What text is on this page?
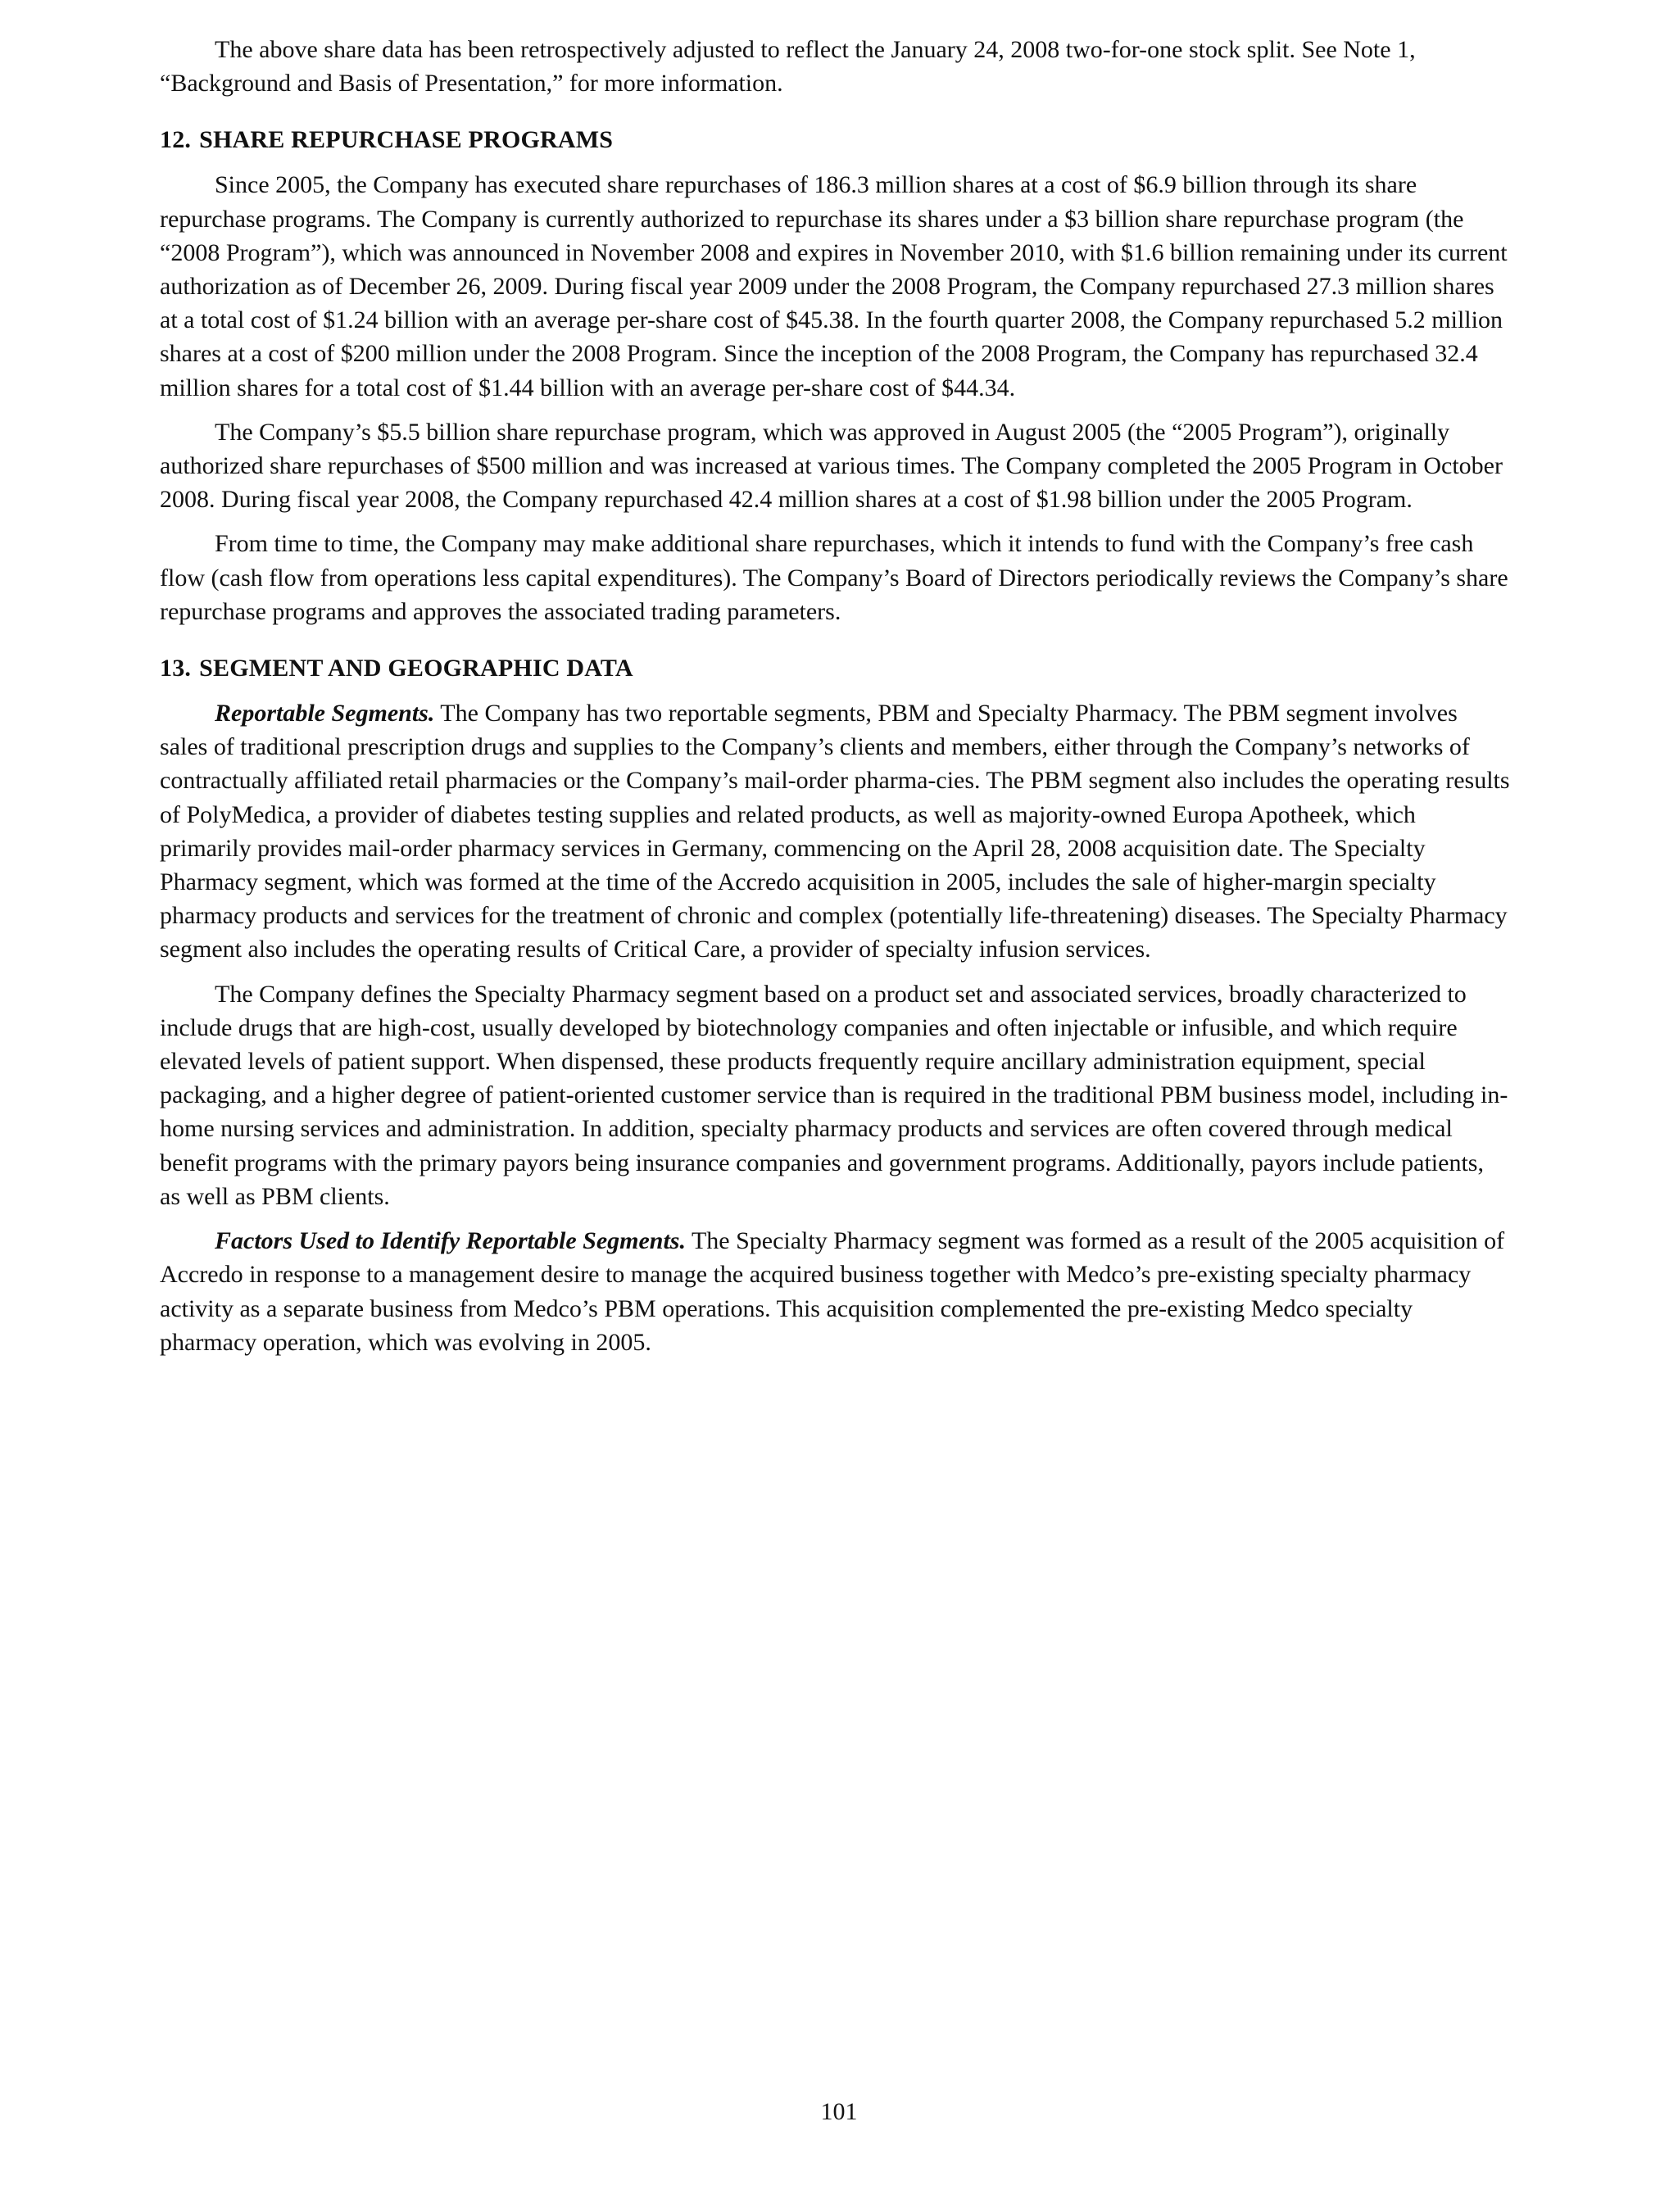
The above share data has been retrospectively adjusted to reflect the January 24, 2008 two-for-one stock split. See Note 1, “Background and Basis of Presentation,” for more information.

12. SHARE REPURCHASE PROGRAMS

Since 2005, the Company has executed share repurchases of 186.3 million shares at a cost of $6.9 billion through its share repurchase programs. The Company is currently authorized to repurchase its shares under a $3 billion share repurchase program (the “2008 Program”), which was announced in November 2008 and expires in November 2010, with $1.6 billion remaining under its current authorization as of December 26, 2009. During fiscal year 2009 under the 2008 Program, the Company repurchased 27.3 million shares at a total cost of $1.24 billion with an average per-share cost of $45.38. In the fourth quarter 2008, the Company repurchased 5.2 million shares at a cost of $200 million under the 2008 Program. Since the inception of the 2008 Program, the Company has repurchased 32.4 million shares for a total cost of $1.44 billion with an average per-share cost of $44.34.

The Company’s $5.5 billion share repurchase program, which was approved in August 2005 (the “2005 Program”), originally authorized share repurchases of $500 million and was increased at various times. The Company completed the 2005 Program in October 2008. During fiscal year 2008, the Company repurchased 42.4 million shares at a cost of $1.98 billion under the 2005 Program.

From time to time, the Company may make additional share repurchases, which it intends to fund with the Company’s free cash flow (cash flow from operations less capital expenditures). The Company’s Board of Directors periodically reviews the Company’s share repurchase programs and approves the associated trading parameters.

13. SEGMENT AND GEOGRAPHIC DATA

Reportable Segments. The Company has two reportable segments, PBM and Specialty Pharmacy. The PBM segment involves sales of traditional prescription drugs and supplies to the Company’s clients and members, either through the Company’s networks of contractually affiliated retail pharmacies or the Company’s mail-order pharma-cies. The PBM segment also includes the operating results of PolyMedica, a provider of diabetes testing supplies and related products, as well as majority-owned Europa Apotheek, which primarily provides mail-order pharmacy services in Germany, commencing on the April 28, 2008 acquisition date. The Specialty Pharmacy segment, which was formed at the time of the Accredo acquisition in 2005, includes the sale of higher-margin specialty pharmacy products and services for the treatment of chronic and complex (potentially life-threatening) diseases. The Specialty Pharmacy segment also includes the operating results of Critical Care, a provider of specialty infusion services.

The Company defines the Specialty Pharmacy segment based on a product set and associated services, broadly characterized to include drugs that are high-cost, usually developed by biotechnology companies and often injectable or infusible, and which require elevated levels of patient support. When dispensed, these products frequently require ancillary administration equipment, special packaging, and a higher degree of patient-oriented customer service than is required in the traditional PBM business model, including in-home nursing services and administration. In addition, specialty pharmacy products and services are often covered through medical benefit programs with the primary payors being insurance companies and government programs. Additionally, payors include patients, as well as PBM clients.

Factors Used to Identify Reportable Segments. The Specialty Pharmacy segment was formed as a result of the 2005 acquisition of Accredo in response to a management desire to manage the acquired business together with Medco’s pre-existing specialty pharmacy activity as a separate business from Medco’s PBM operations. This acquisition complemented the pre-existing Medco specialty pharmacy operation, which was evolving in 2005.

101
